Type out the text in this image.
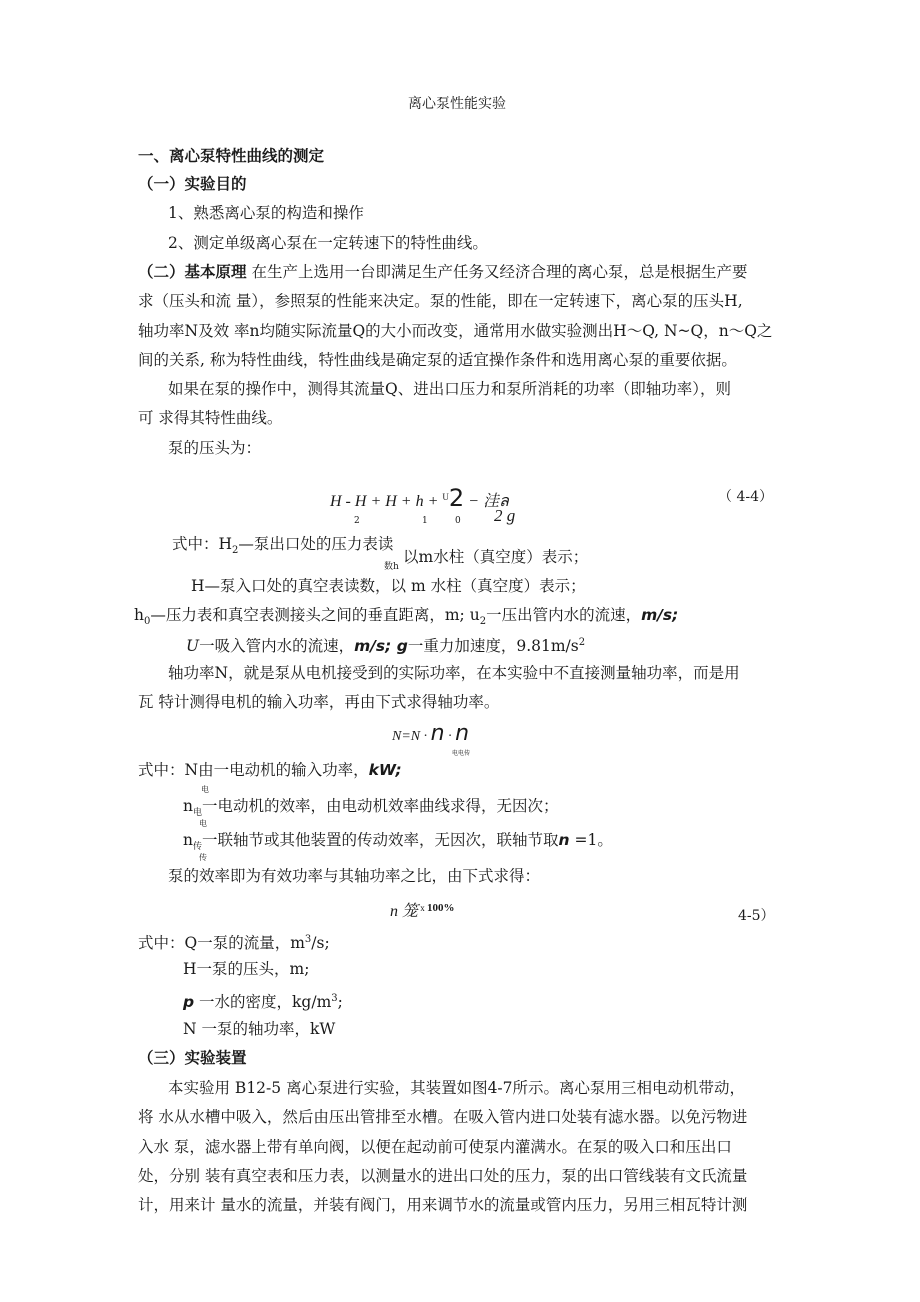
离心泵性能实验
一、离心泵特性曲线的测定
（一）实验目的
1、熟悉离心泵的构造和操作
2、测定单级离心泵在一定转速下的特性曲线。
（二）基本原理 在生产上选用一台即满足生产任务又经济合理的离心泵，总是根据生产要
求（压头和流 量），参照泵的性能来决定。泵的性能，即在一定转速下，离心泵的压头H,
轴功率N及效 率n均随实际流量Q的大小而改变，通常用水做实验测出H～Q, N~Q，n～Q之
间的关系, 称为特性曲线，特性曲线是确定泵的适宜操作条件和选用离心泵的重要依据。
如果在泵的操作中，测得其流量Q、进出口压力和泵所消耗的功率（即轴功率），则
可 求得其特性曲线。
泵的压头为：
H - H + H + h + $^U$2 − 洼ล
2	1	0 2 g
（ 4-4）
式中：$H_2—$泵出口处的压力表读
以m水柱（真空度）表示；
数h
H—泵入口处的真空表读数，以 m 水柱（真空度）表示；
$h_0—$压力表和真空表测接头之间的垂直距离，m; $u_2$一压出管内水的流速，m/s;
U一吸入管内水的流速，m/s; g一重力加速度，$9.81m/s^2$
轴功率N，就是泵从电机接受到的实际功率，在本实验中不直接测量轴功率，而是用
瓦 特计测得电机的输入功率，再由下式求得轴功率。
N=N · n · n
电电传
式中：N由一电动机的输入功率，kW;
电
$n_电$一电动机的效率，由电动机效率曲线求得，无因次；
电
$n_传$一联轴节或其他装置的传动效率，无因次，联轴节取n =1。
传
泵的效率即为有效功率与其轴功率之比，由下式求得：
n 笼 $^x$ $^{100\%}$	4-5）
式中：Q一泵的流量，$m^3/s$;
H一泵的压头，m;
p 一水的密度，$kg/m^3$;
N 一泵的轴功率，kW
（三）实验装置
本实验用 B12-5 离心泵进行实验，其装置如图4-7所示。离心泵用三相电动机带动，
将 水从水槽中吸入，然后由压出管排至水槽。在吸入管内进口处装有滤水器。以免污物进
入水 泵，滤水器上带有单向阀，以便在起动前可使泵内灌满水。在泵的吸入口和压出口
处，分别 装有真空表和压力表，以测量水的进出口处的压力，泵的出口管线装有文氏流量
计，用来计 量水的流量，并装有阀门，用来调节水的流量或管内压力，另用三相瓦特计测
